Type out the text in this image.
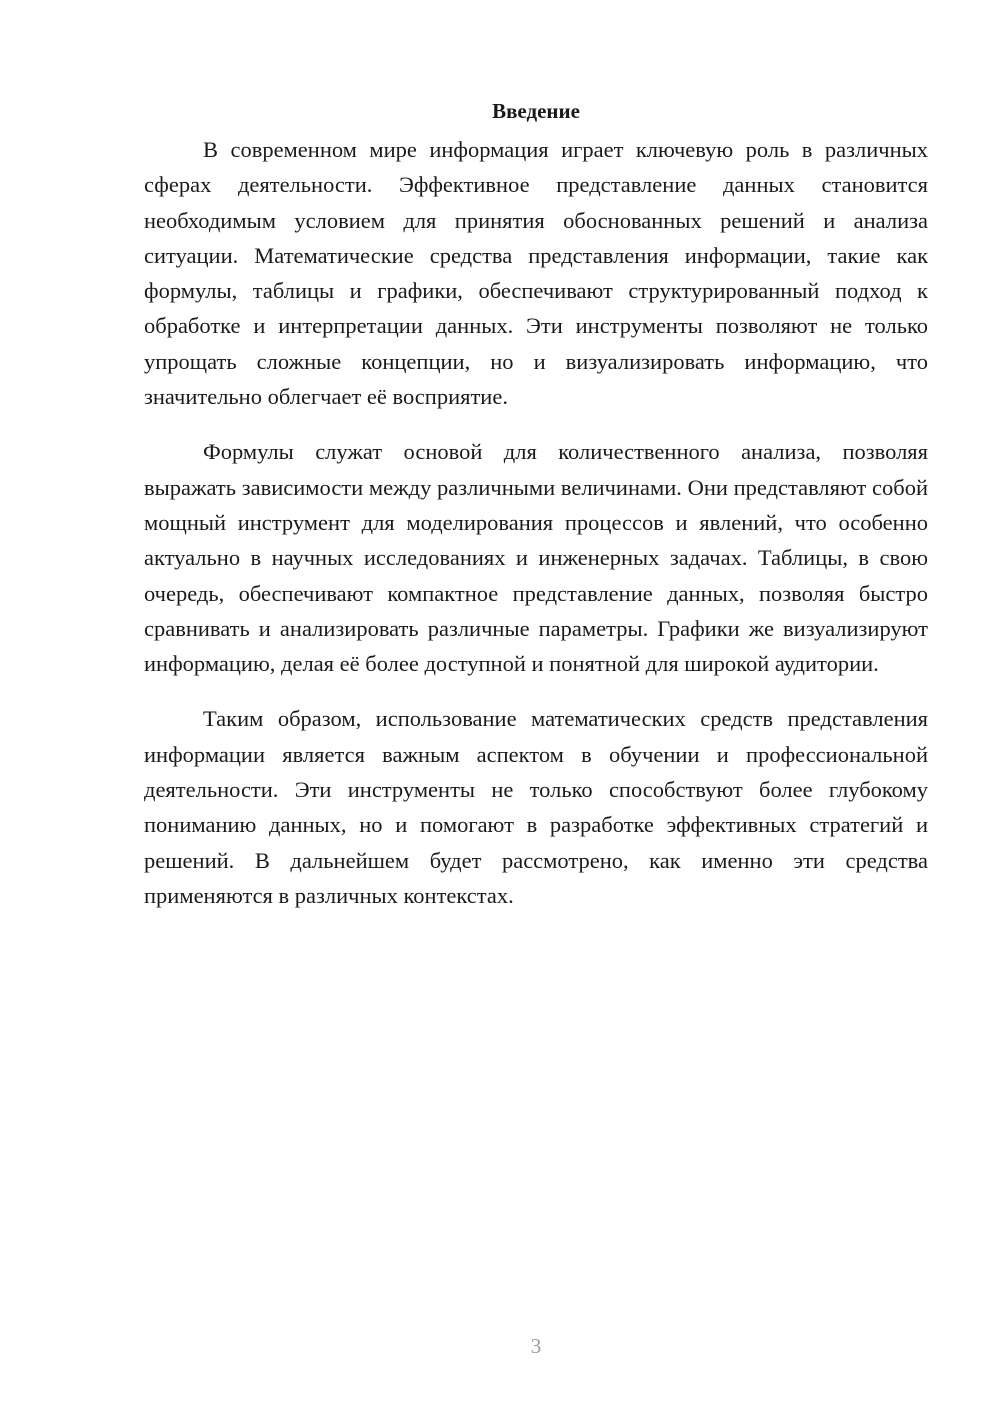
Введение

В современном мире информация играет ключевую роль в различных сферах деятельности. Эффективное представление данных становится необходимым условием для принятия обоснованных решений и анализа ситуации. Математические средства представления информации, такие как формулы, таблицы и графики, обеспечивают структурированный подход к обработке и интерпретации данных. Эти инструменты позволяют не только упрощать сложные концепции, но и визуализировать информацию, что значительно облегчает её восприятие.

Формулы служат основой для количественного анализа, позволяя выражать зависимости между различными величинами. Они представляют собой мощный инструмент для моделирования процессов и явлений, что особенно актуально в научных исследованиях и инженерных задачах. Таблицы, в свою очередь, обеспечивают компактное представление данных, позволяя быстро сравнивать и анализировать различные параметры. Графики же визуализируют информацию, делая её более доступной и понятной для широкой аудитории.

Таким образом, использование математических средств представления информации является важным аспектом в обучении и профессиональной деятельности. Эти инструменты не только способствуют более глубокому пониманию данных, но и помогают в разработке эффективных стратегий и решений. В дальнейшем будет рассмотрено, как именно эти средства применяются в различных контекстах.

3
